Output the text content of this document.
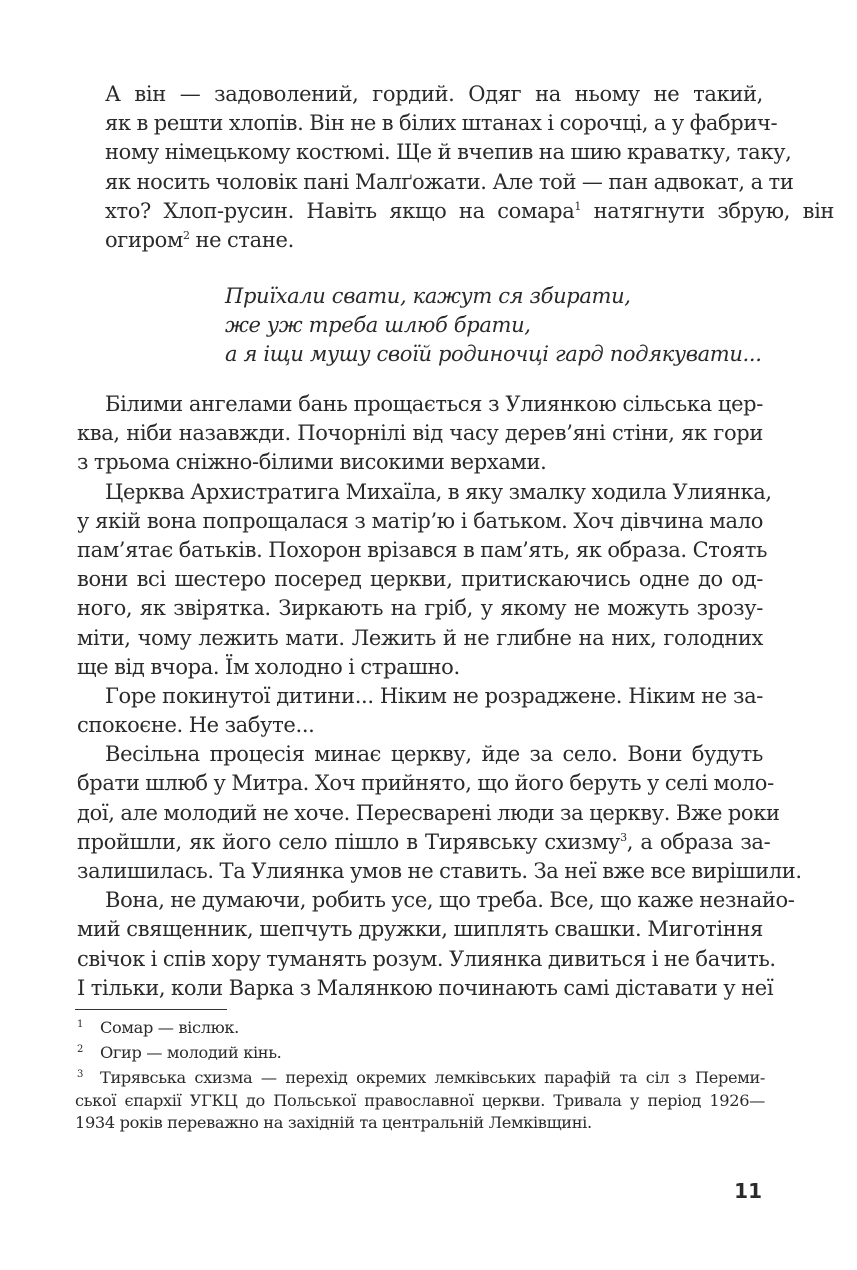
А він — задоволений, гордий. Одяг на ньому не такий,
як в решти хлопів. Він не в білих штанах і сорочці, а у фабрич-
ному німецькому костюмі. Ще й вчепив на шию краватку, таку,
як носить чоловік пані Малґожати. Але той — пан адвокат, а ти
хто? Хлоп-русин. Навіть якщо на сомара$^1$ натягнути збрую, він
огиром$^2$ не стане.
Приїхали свати, кажут ся збирати,
же уж треба шлюб брати,
а я іщи мушу своїй родиночці гард подякувати...
Білими ангелами бань прощається з Улиянкою сільська цер-
ква, ніби назавжди. Почорнілі від часу дерев’яні стіни, як гори
з трьома сніжно-білими високими верхами.
Церква Архистратига Михаїла, в яку змалку ходила Улиянка,
у якій вона попрощалася з матір’ю і батьком. Хоч дівчина мало
пам’ятає батьків. Похорон врізався в пам’ять, як образа. Стоять
вони всі шестеро посеред церкви, притискаючись одне до од-
ного, як звірятка. Зиркають на гріб, у якому не можуть зрозу-
міти, чому лежить мати. Лежить й не глибне на них, голодних
ще від вчора. Їм холодно і страшно.
Горе покинутої дитини... Ніким не розраджене. Ніким не за-
спокоєне. Не забуте...
Весільна процесія минає церкву, йде за село. Вони будуть
брати шлюб у Митра. Хоч прийнято, що його беруть у селі моло-
дої, але молодий не хоче. Пересварені люди за церкву. Вже роки
пройшли, як його село пішло в Тирявську схизму$^3$, а образа за-
залишилась. Та Улиянка умов не ставить. За неї вже все вирішили.
Вона, не думаючи, робить усе, що треба. Все, що каже незнайо-
мий священник, шепчуть дружки, шиплять свашки. Миготіння
свічок і спів хору туманять розум. Улиянка дивиться і не бачить.
І тільки, коли Варка з Малянкою починають самі діставати у неї
1 Сомар — віслюк.
2 Огир — молодий кінь.
3 Тирявська схизма — перехід окремих лемківських парафій та сіл з Переми-
ської єпархії УГКЦ до Польської православної церкви. Тривала у період 1926—
1934 років переважно на західній та центральній Лемківщині.
11
